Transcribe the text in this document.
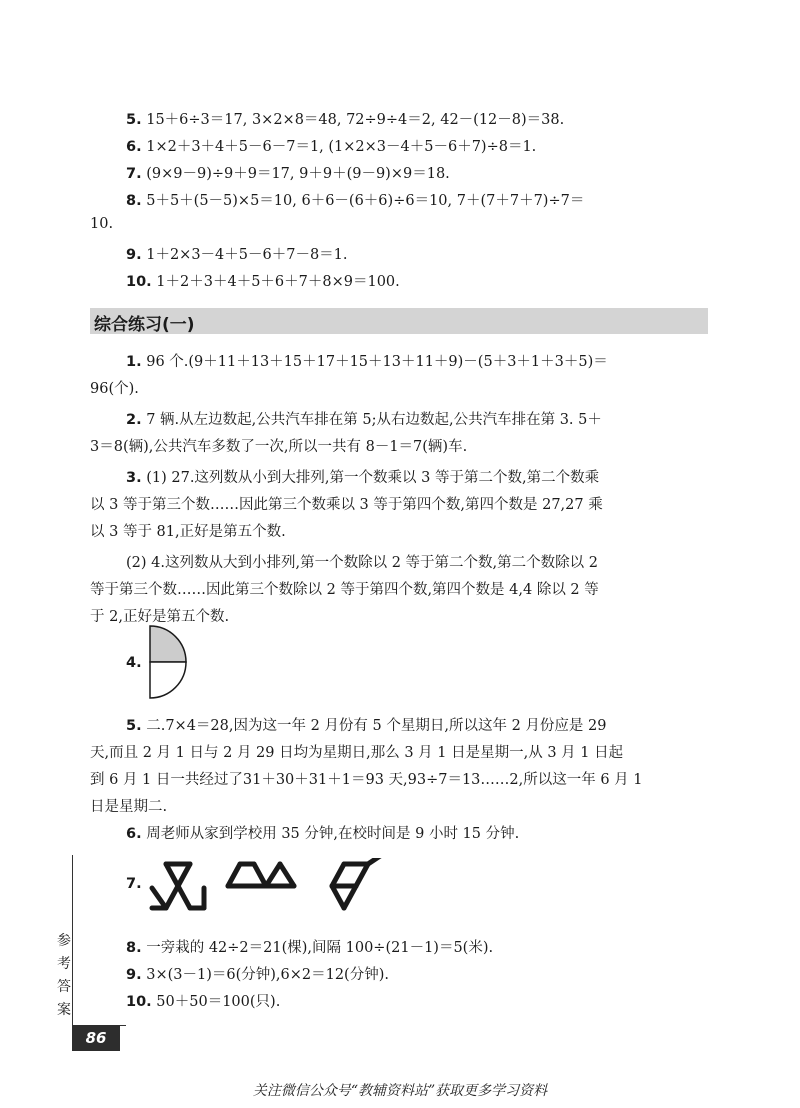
5. 15＋6÷3＝17, 3×2×8＝48, 72÷9÷4＝2, 42－(12－8)＝38.
6. 1×2＋3＋4＋5－6－7＝1, (1×2×3－4＋5－6＋7)÷8＝1.
7. (9×9－9)÷9＋9＝17, 9＋9＋(9－9)×9＝18.
8. 5＋5＋(5－5)×5＝10, 6＋6－(6＋6)÷6＝10, 7＋(7＋7＋7)÷7＝
10.
9. 1＋2×3－4＋5－6＋7－8＝1.
10. 1＋2＋3＋4＋5＋6＋7＋8×9＝100.
综合练习(一)
1. 96 个.(9＋11＋13＋15＋17＋15＋13＋11＋9)－(5＋3＋1＋3＋5)＝
96(个).
2. 7 辆.从左边数起,公共汽车排在第 5;从右边数起,公共汽车排在第 3. 5＋
3＝8(辆),公共汽车多数了一次,所以一共有 8－1＝7(辆)车.
3. (1) 27.这列数从小到大排列,第一个数乘以 3 等于第二个数,第二个数乘
以 3 等于第三个数……因此第三个数乘以 3 等于第四个数,第四个数是 27,27 乘
以 3 等于 81,正好是第五个数.
(2) 4.这列数从大到小排列,第一个数除以 2 等于第二个数,第二个数除以 2
等于第三个数……因此第三个数除以 2 等于第四个数,第四个数是 4,4 除以 2 等
于 2,正好是第五个数.
4.
5. 二.7×4＝28,因为这一年 2 月份有 5 个星期日,所以这年 2 月份应是 29
天,而且 2 月 1 日与 2 月 29 日均为星期日,那么 3 月 1 日是星期一,从 3 月 1 日起
到 6 月 1 日一共经过了31＋30＋31＋1＝93 天,93÷7＝13……2,所以这一年 6 月 1
日是星期二.
6. 周老师从家到学校用 35 分钟,在校时间是 9 小时 15 分钟.
7.
8. 一旁栽的 42÷2＝21(棵),间隔 100÷(21－1)＝5(米).
9. 3×(3－1)＝6(分钟),6×2＝12(分钟).
10. 50＋50＝100(只).
参考答案
86
关注微信公众号“教辅资料站”获取更多学习资料
